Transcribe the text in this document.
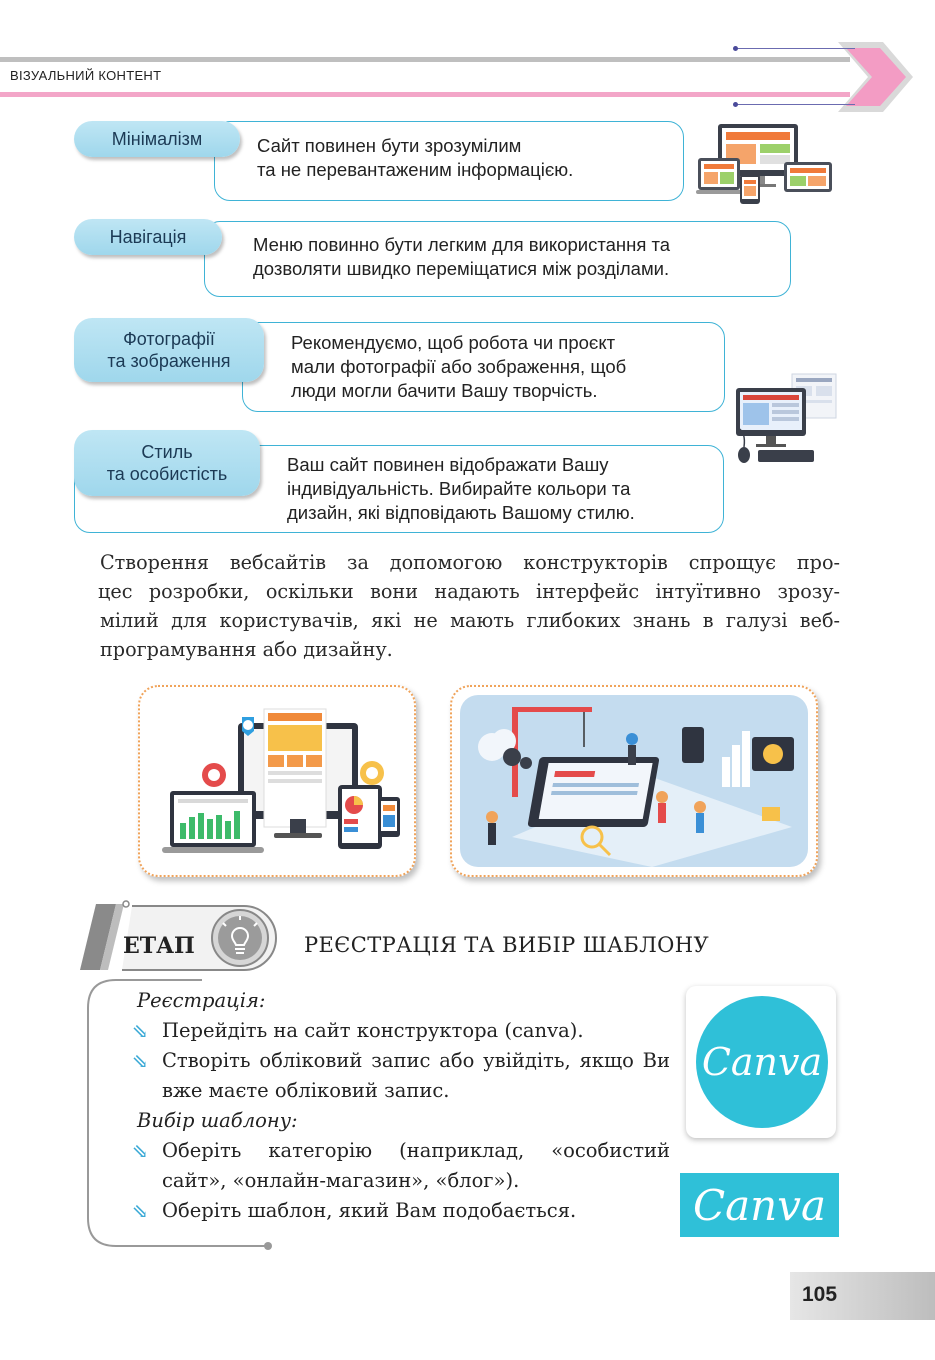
ВІЗУАЛЬНИЙ КОНТЕНТ
Сайт повинен бути зрозумілим
та не перевантаженим інформацією.
Мінімалізм
Меню повинно бути легким для використання та
дозволяти швидко переміщатися між розділами.
Навігація
Рекомендуємо, щоб робота чи проєкт
мали фотографії або зображення, щоб
люди могли бачити Вашу творчість.
Фотографії
та зображення
Ваш сайт повинен відображати Вашу
індивідуальність. Вибирайте кольори та
дизайн, які відповідають Вашому стилю.
Стиль
та особистість

Створення вебсайтів за допомогою конструкторів спрощує про-

цес розробки, оскільки вони надають інтерфейс інтуїтивно зрозу-

мілий для користувачів, які не мають глибоких знань в галузі веб-

програмування або дизайну.

ЕТАП	РЕЄСТРАЦІЯ ТА ВИБІР ШАБЛОНУ
Реєстрація:
⇘ Перейдіть на сайт конструктора (canva).
⇘ Створіть обліковий запис або увійдіть, якщо Ви вже маєте обліковий запис.
Вибір шаблону:
⇘ Оберіть категорію (наприклад, «особистий сайт», «онлайн-магазин», «блог»).
⇘ Оберіть шаблон, який Вам подобається.
Canva
Canva
105
